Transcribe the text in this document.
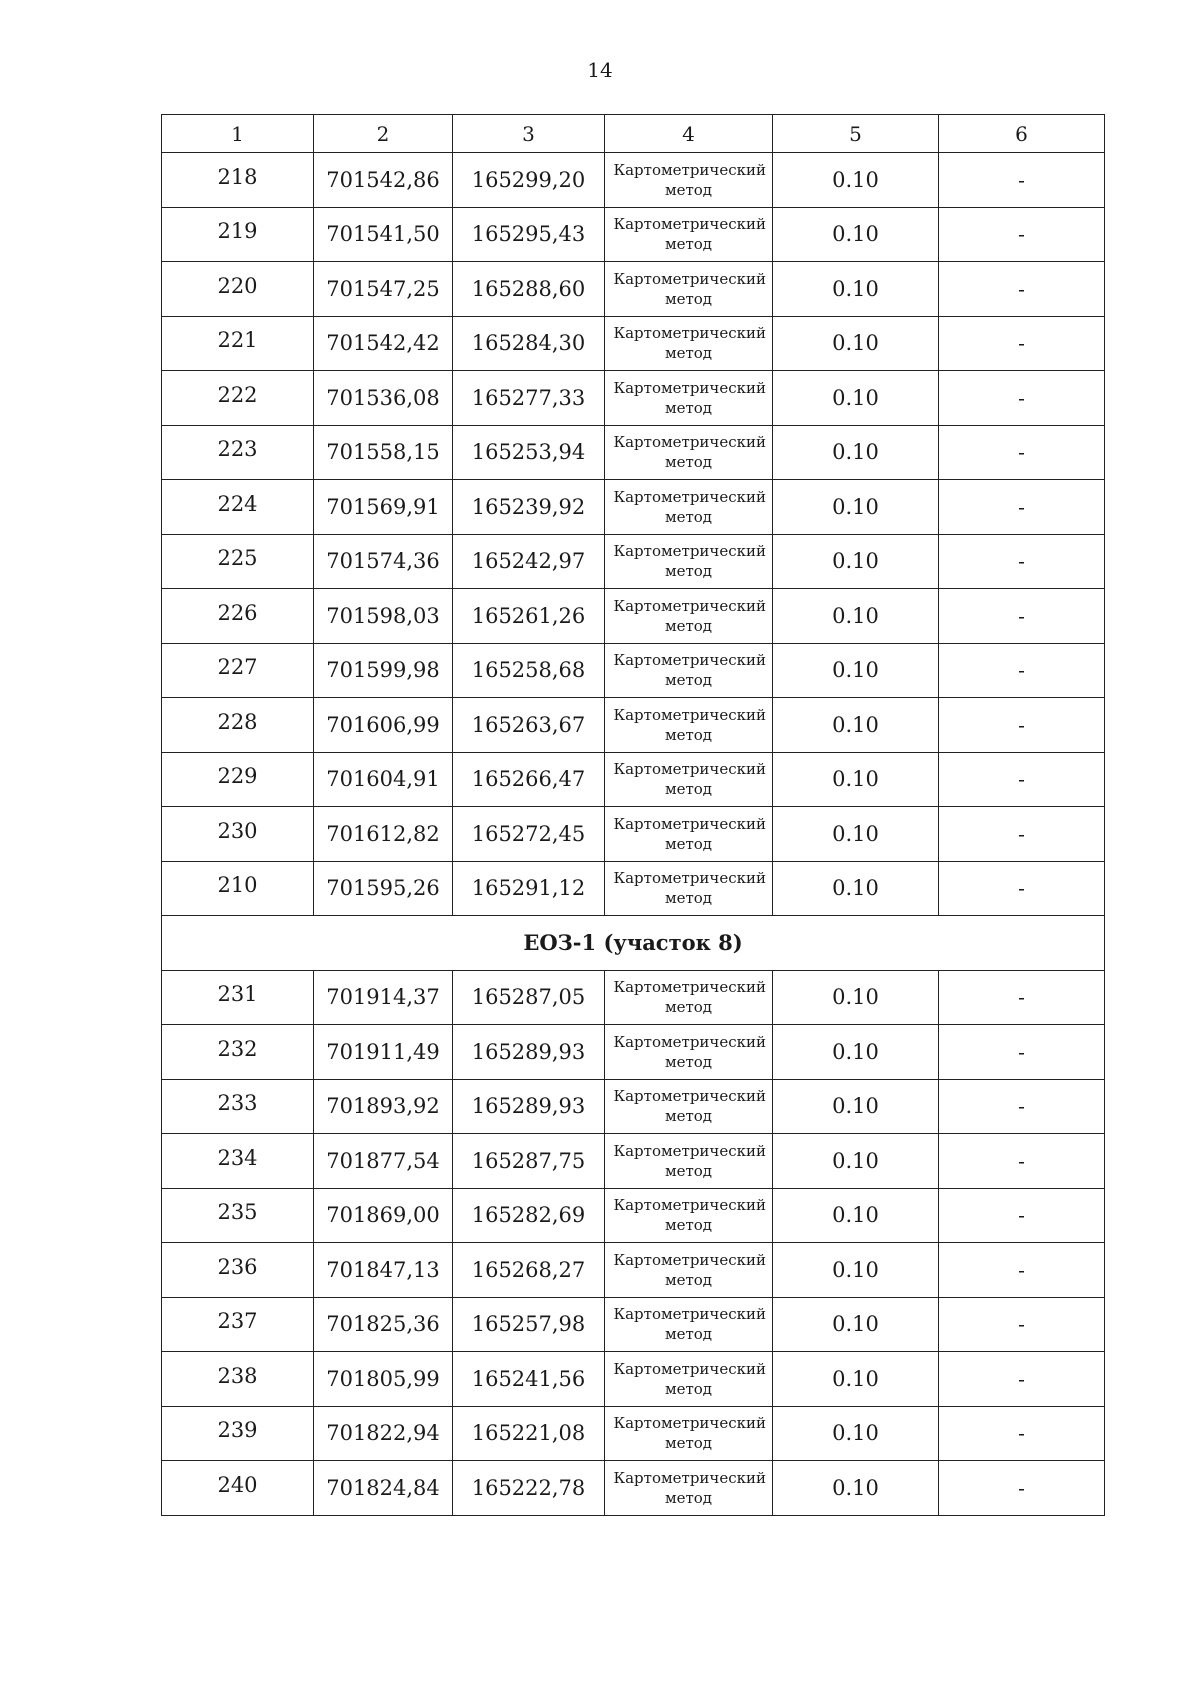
14
1	2	3	4	5	6
218	701542,86	165299,20	Картометрический метод	0.10	-
219	701541,50	165295,43	Картометрический метод	0.10	-
220	701547,25	165288,60	Картометрический метод	0.10	-
221	701542,42	165284,30	Картометрический метод	0.10	-
222	701536,08	165277,33	Картометрический метод	0.10	-
223	701558,15	165253,94	Картометрический метод	0.10	-
224	701569,91	165239,92	Картометрический метод	0.10	-
225	701574,36	165242,97	Картометрический метод	0.10	-
226	701598,03	165261,26	Картометрический метод	0.10	-
227	701599,98	165258,68	Картометрический метод	0.10	-
228	701606,99	165263,67	Картометрический метод	0.10	-
229	701604,91	165266,47	Картометрический метод	0.10	-
230	701612,82	165272,45	Картометрический метод	0.10	-
210	701595,26	165291,12	Картометрический метод	0.10	-
ЕОЗ-1 (участок 8)					
231	701914,37	165287,05	Картометрический метод	0.10	-
232	701911,49	165289,93	Картометрический метод	0.10	-
233	701893,92	165289,93	Картометрический метод	0.10	-
234	701877,54	165287,75	Картометрический метод	0.10	-
235	701869,00	165282,69	Картометрический метод	0.10	-
236	701847,13	165268,27	Картометрический метод	0.10	-
237	701825,36	165257,98	Картометрический метод	0.10	-
238	701805,99	165241,56	Картометрический метод	0.10	-
239	701822,94	165221,08	Картометрический метод	0.10	-
240	701824,84	165222,78	Картометрический метод	0.10	-
